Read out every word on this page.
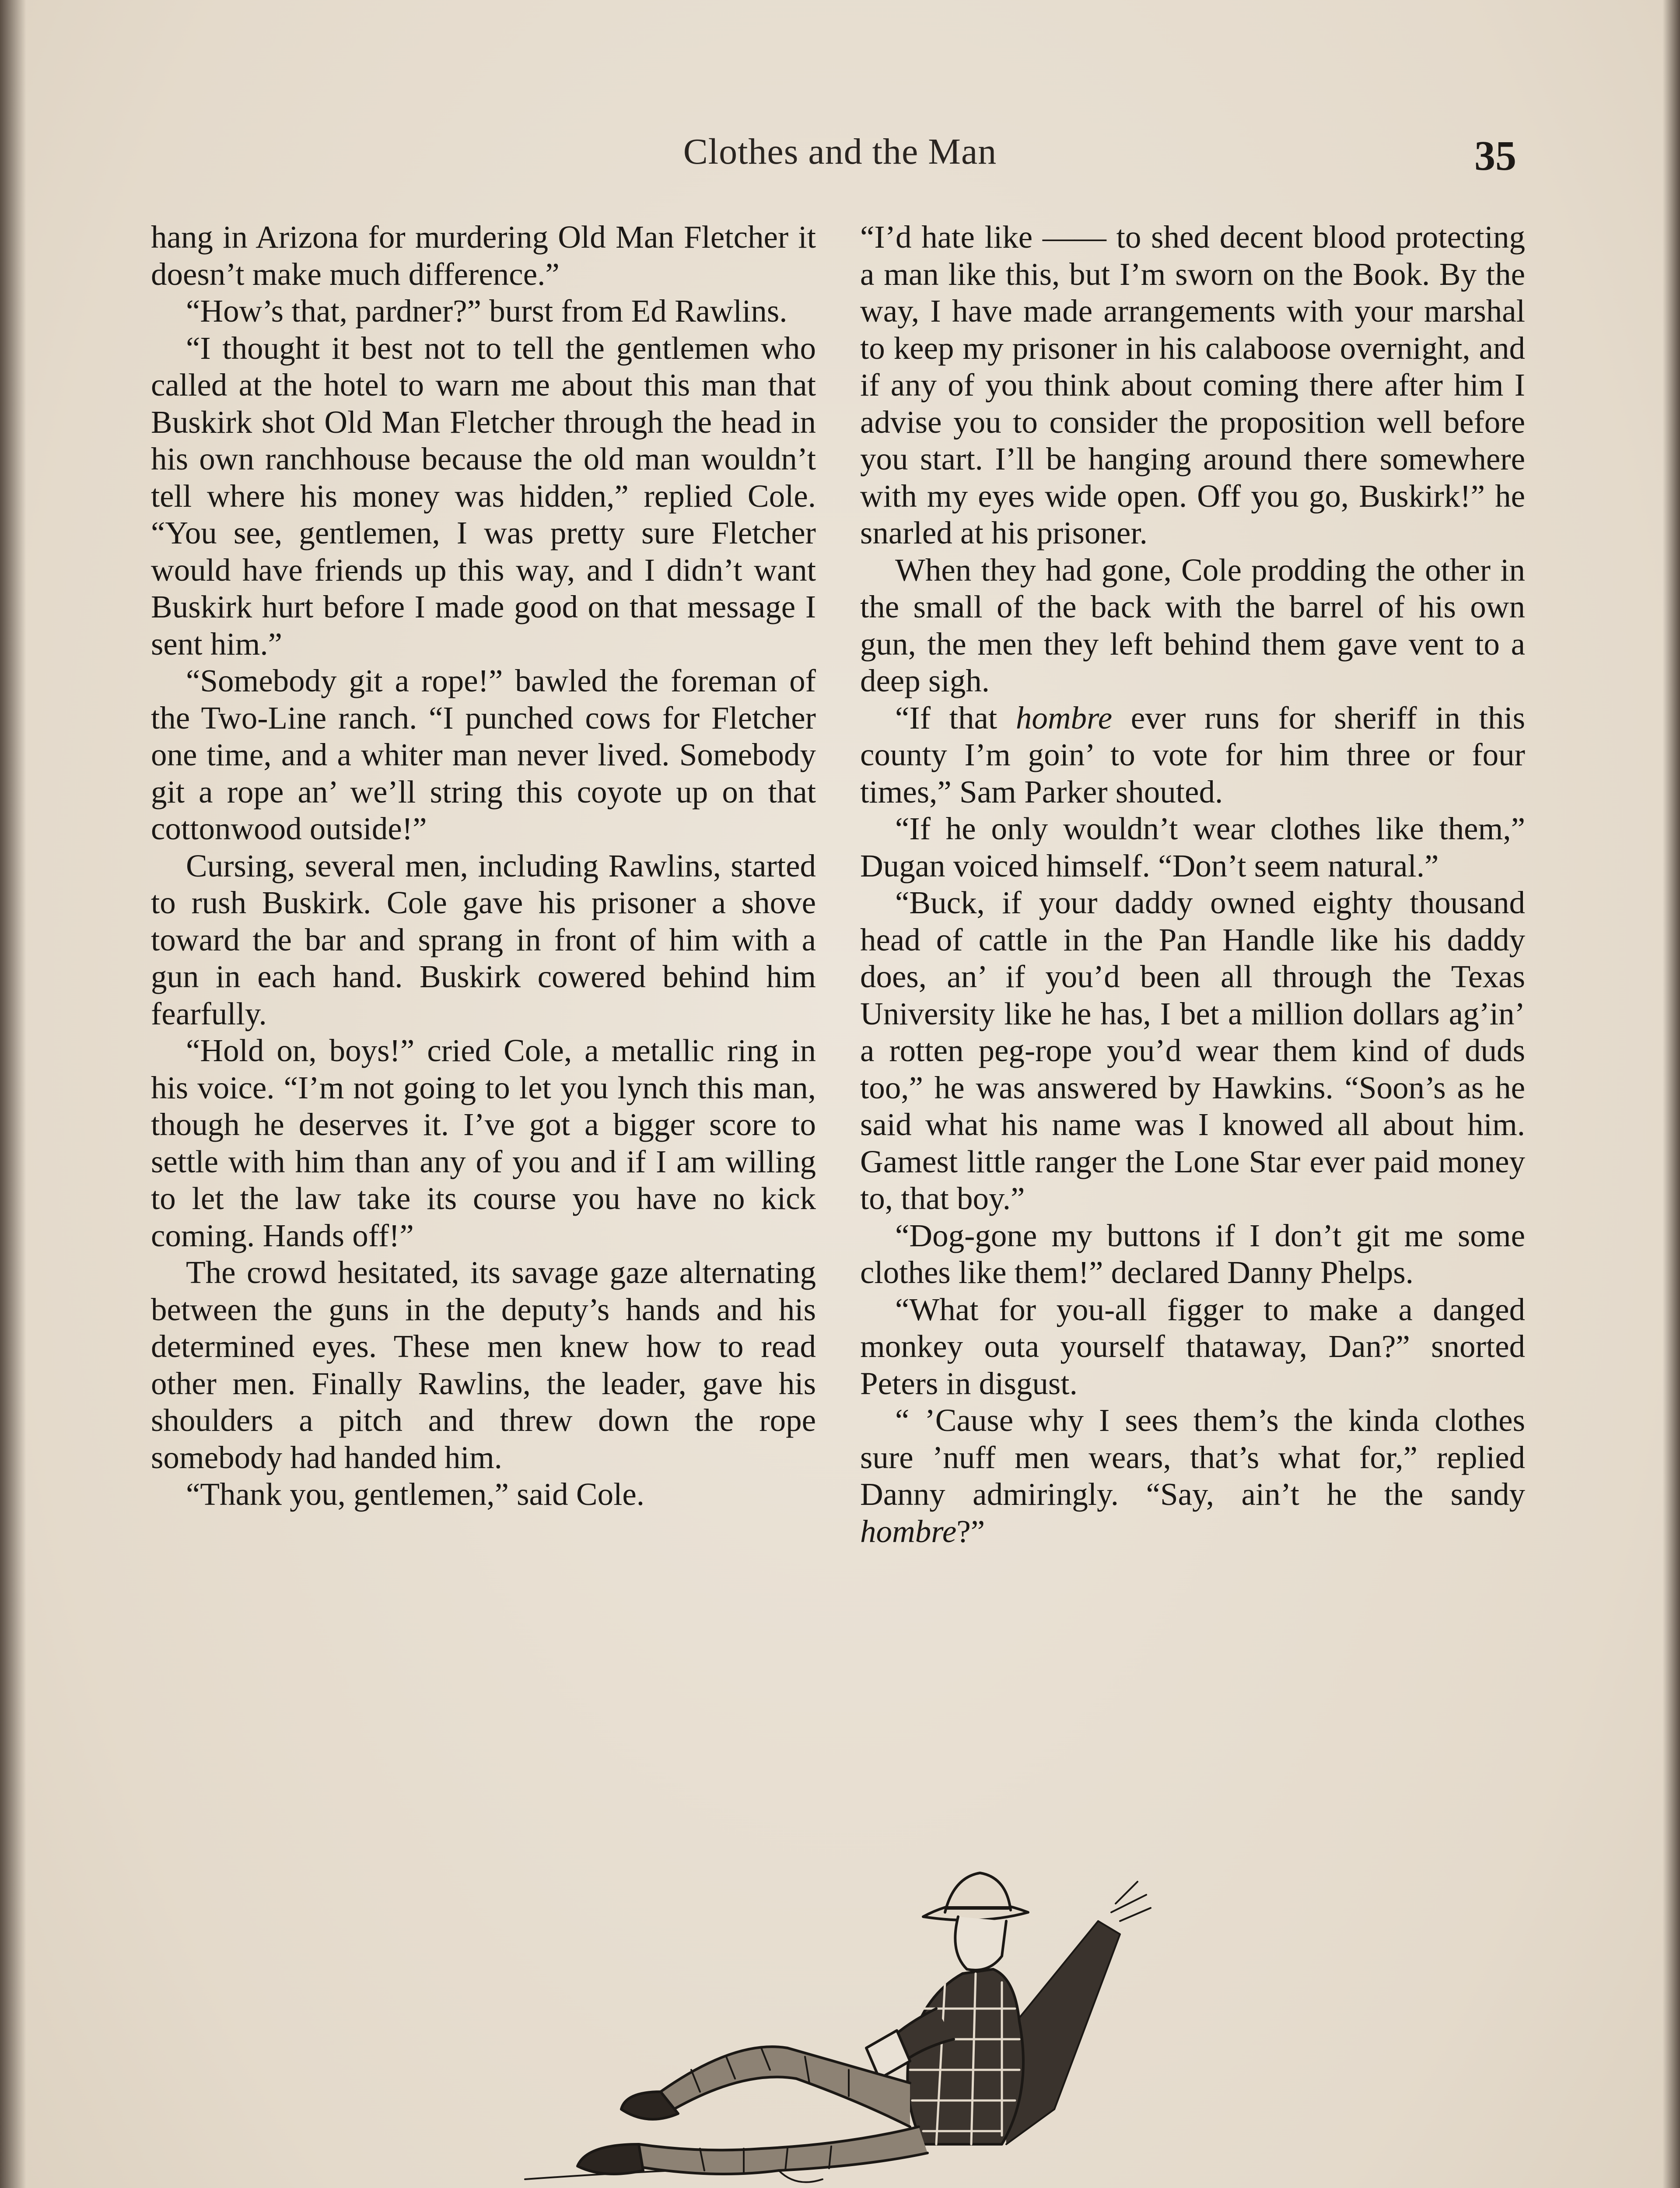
Clothes and the Man	35

hang in Arizona for murdering Old Man Fletcher it doesn’t make much difference.”

“How’s that, pardner?” burst from Ed Rawlins.

“I thought it best not to tell the gentlemen who called at the hotel to warn me about this man that Buskirk shot Old Man Fletcher through the head in his own ranchhouse because the old man wouldn’t tell where his money was hidden,” replied Cole. “You see, gentlemen, I was pretty sure Fletcher would have friends up this way, and I didn’t want Buskirk hurt before I made good on that message I sent him.”

“Somebody git a rope!” bawled the foreman of the Two-Line ranch. “I punched cows for Fletcher one time, and a whiter man never lived. Somebody git a rope an’ we’ll string this coyote up on that cottonwood outside!”

Cursing, several men, including Rawlins, started to rush Buskirk. Cole gave his prisoner a shove toward the bar and sprang in front of him with a gun in each hand. Buskirk cowered behind him fearfully.

“Hold on, boys!” cried Cole, a metallic ring in his voice. “I’m not going to let you lynch this man, though he deserves it. I’ve got a bigger score to settle with him than any of you and if I am willing to let the law take its course you have no kick coming. Hands off!”

The crowd hesitated, its savage gaze alternating between the guns in the deputy’s hands and his determined eyes. These men knew how to read other men. Finally Rawlins, the leader, gave his shoulders a pitch and threw down the rope somebody had handed him.

“Thank you, gentlemen,” said Cole.

“I’d hate like —— to shed decent blood protecting a man like this, but I’m sworn on the Book. By the way, I have made arrangements with your marshal to keep my prisoner in his calaboose overnight, and if any of you think about coming there after him I advise you to consider the proposition well before you start. I’ll be hanging around there somewhere with my eyes wide open. Off you go, Buskirk!” he snarled at his prisoner.

When they had gone, Cole prodding the other in the small of the back with the barrel of his own gun, the men they left behind them gave vent to a deep sigh.

“If that hombre ever runs for sheriff in this county I’m goin’ to vote for him three or four times,” Sam Parker shouted.

“If he only wouldn’t wear clothes like them,” Dugan voiced himself. “Don’t seem natural.”

“Buck, if your daddy owned eighty thousand head of cattle in the Pan Handle like his daddy does, an’ if you’d been all through the Texas University like he has, I bet a million dollars ag’in’ a rotten peg-rope you’d wear them kind of duds too,” he was answered by Hawkins. “Soon’s as he said what his name was I knowed all about him. Gamest little ranger the Lone Star ever paid money to, that boy.”

“Dog-gone my buttons if I don’t git me some clothes like them!” declared Danny Phelps.

“What for you-all figger to make a danged monkey outa yourself thataway, Dan?” snorted Peters in disgust.

“ ’Cause why I sees them’s the kinda clothes sure ’nuff men wears, that’s what for,” replied Danny admiringly. “Say, ain’t he the sandy hombre?”
